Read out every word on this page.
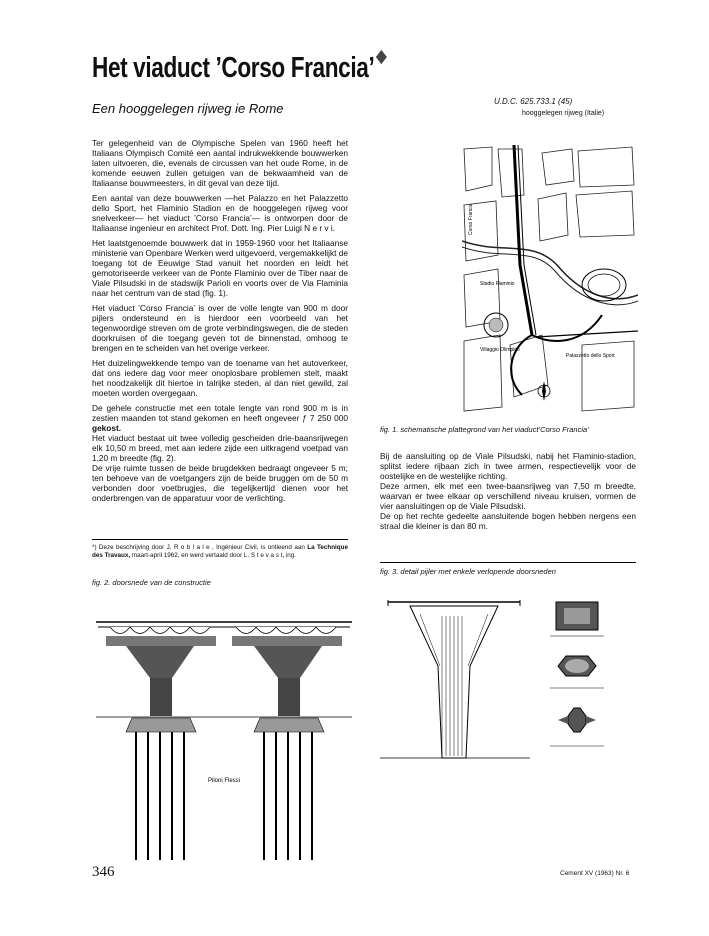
Het viaduct ’Corso Francia’
Een hooggelegen rijweg ie Rome	U.D.C. 625.733.1 (45)
hooggelegen rijweg (Italie)

Ter gelegenheid van de Olympische Spelen van 1960 heeft het Italiaans Olympisch Comité een aantal indrukwekkende bouwwerken laten uitvoeren, die, evenals de circussen van het oude Rome, in de komende eeuwen zullen getuigen van de bekwaamheid van de Italiaanse bouwmeesters, in dit geval van deze tijd.

Een aantal van deze bouwwerken —het Palazzo en het Palazzetto dello Sport, het Flaminio Stadion en de hooggelegen rijweg voor snelverkeer— het viaduct ’Corso Francia’— is ontworpen door de Italiaanse ingenieur en architect Prof. Dott. Ing. Pier Luigi N e r v i.

Het laatstgenoemde bouwwerk dat in 1959-1960 voor het Italiaanse ministerie van Openbare Werken werd uitgevoerd, vergemakkelijkt de toegang tot de Eeuwige Stad vanuit het noorden en leidt het gemotoriseerde verkeer van de Ponte Flaminio over de Tiber naar de Viale Pilsudski in de stadswijk Parioli en voorts over de Via Flaminia naar het centrum van de stad (fig. 1).

Het viaduct ’Corso Francia’ is over de volle lengte van 900 m door pijlers ondersteund en is hierdoor een voorbeeld van het tegenwoordige streven om de grote verbindingswegen, die de steden doorkruisen of die toegang geven tot de binnenstad, omhoog te brengen en te scheiden van het overige verkeer.

Het duizelingwekkende tempo van de toename van het autoverkeer, dat ons iedere dag voor meer onoplosbare problemen stelt, maakt het noodzakelijk dit hiertoe in talrijke steden, al dan niet gewild, zal moeten worden overgegaan.

De gehele constructie met een totale lengte van rond 900 m is in zestien maanden tot stand gekomen en heeft ongeveer ƒ 7 250 000 gekost.
Het viaduct bestaat uit twee volledig gescheiden drie-baansrijwegen elk 10,50 m breed, met aan iedere zijde een uitkragend voetpad van 1,20 m breedte (fig. 2).
De vrije ruimte tussen de beide brugdekken bedraagt ongeveer 5 m; ten behoeve van de voetgangers zijn de beide bruggen om de 50 m verbonden door voetbrugjes, die tegelijkertijd dienen voor het onderbrengen van de apparatuur voor de verlichting.

*) Deze beschrijving door J. R o b l a l e , Ingénieur Civil, is ontleend aan La Technique des Travaux, maart-april 1962, en werd vertaald door L. S t e v a s t, ing.
Corso Francia
Stadio Flaminio
Palazzetto dello Sport
Villaggio Olimpico
fig. 1. schematische plattegrond van het viaduct’Corso Francia’

Bij de aansluiting op de Viale Pilsudski, nabij het Flaminio-stadion, splitst iedere rijbaan zich in twee armen, respectievelijk voor de oostelijke en de westelijke richting.

Deze armen, elk met een twee-baansrijweg van 7,50 m breedte, waarvan er twee elkaar op verschillend niveau kruisen, vormen de vier aansluitingen op de Viale Pilsudski.

De op het rechte gedeelte aansluitende bogen hebben nergens een straal die kleiner is dan 80 m.

fig. 3. detail pijler met enkele verlopende doorsneden
fig. 2. doorsnede van de constructie
Piloni Flessi
346	Cement XV (1963) Nr. 6
